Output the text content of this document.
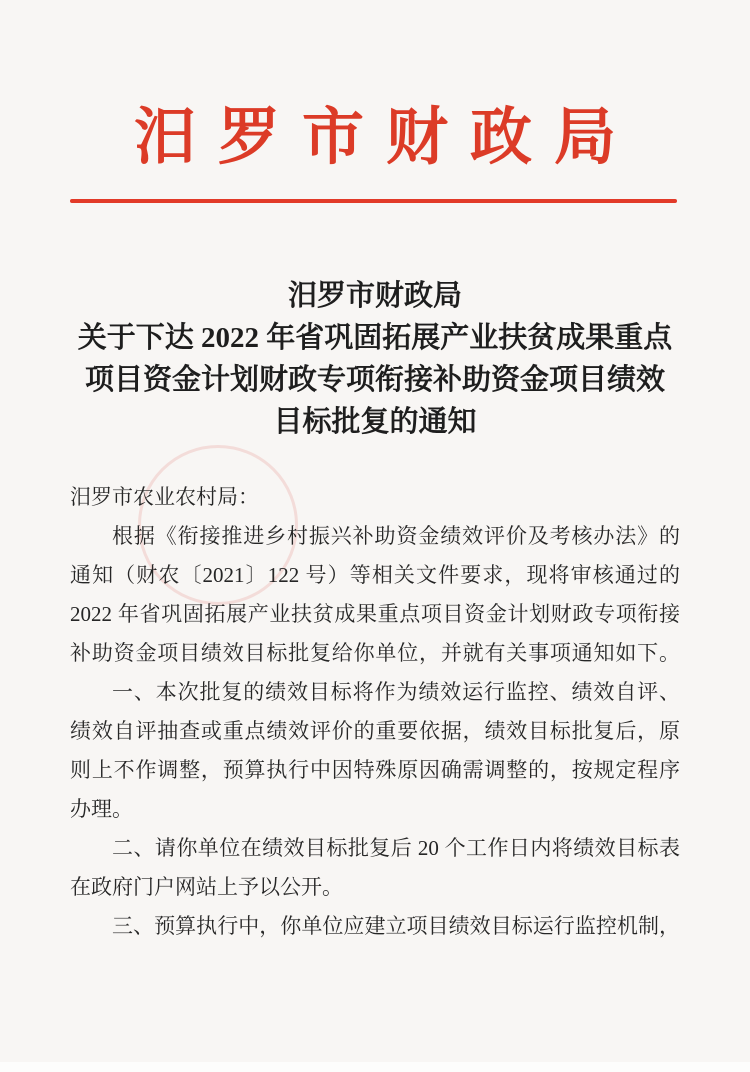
汨罗市财政局
汨罗市财政局
关于下达 2022 年省巩固拓展产业扶贫成果重点
项目资金计划财政专项衔接补助资金项目绩效
目标批复的通知
汨罗市农业农村局：
根据《衔接推进乡村振兴补助资金绩效评价及考核办法》的
通知（财农〔2021〕122 号）等相关文件要求，现将审核通过的
2022 年省巩固拓展产业扶贫成果重点项目资金计划财政专项衔接
补助资金项目绩效目标批复给你单位，并就有关事项通知如下。
一、本次批复的绩效目标将作为绩效运行监控、绩效自评、
绩效自评抽查或重点绩效评价的重要依据，绩效目标批复后，原
则上不作调整，预算执行中因特殊原因确需调整的，按规定程序
办理。
二、请你单位在绩效目标批复后 20 个工作日内将绩效目标表
在政府门户网站上予以公开。
三、预算执行中，你单位应建立项目绩效目标运行监控机制，
